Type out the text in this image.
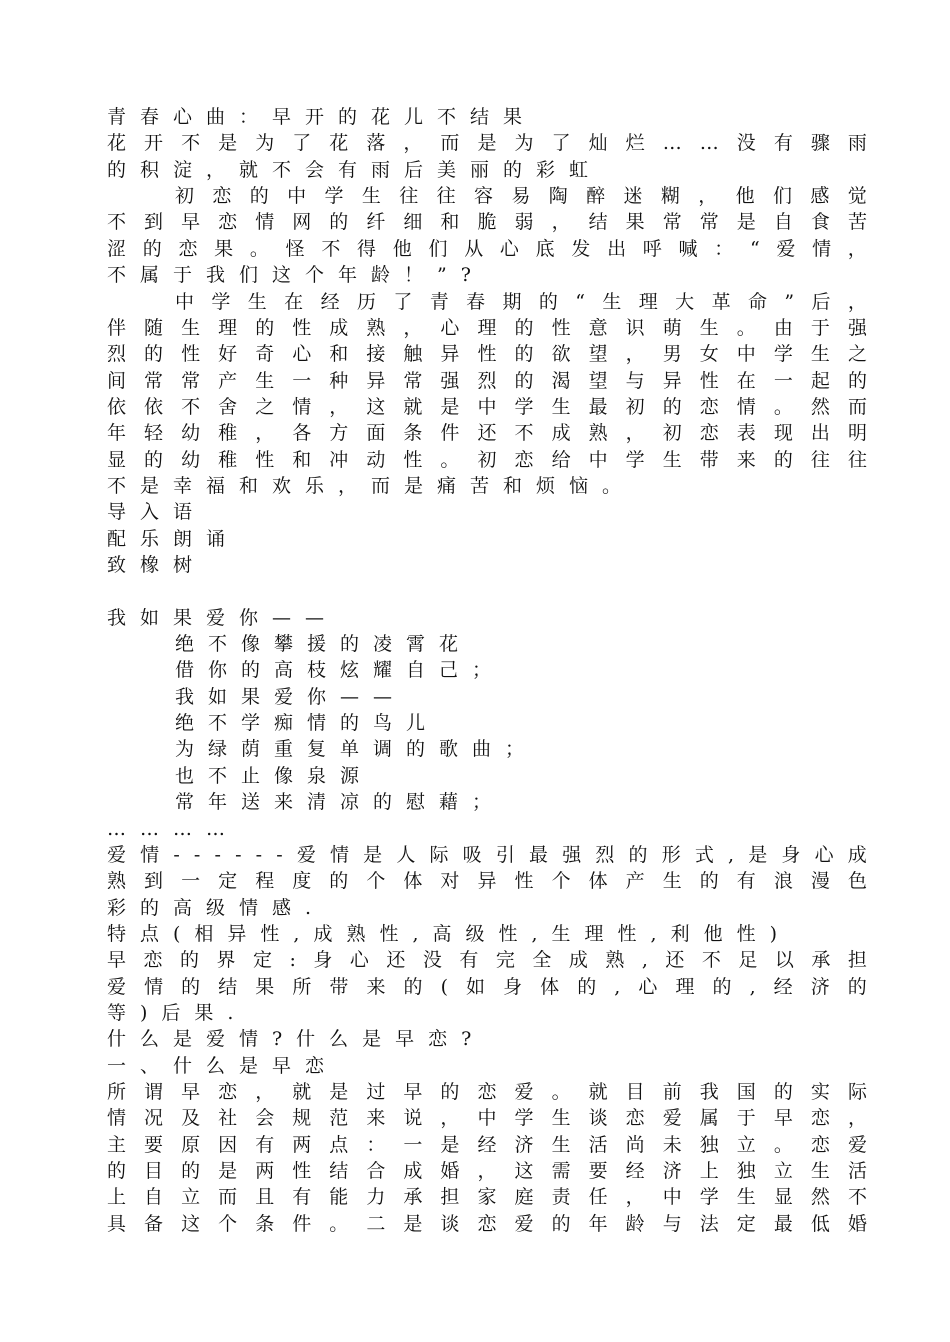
青春心曲：早开的花儿不结果
花 开 不 是 为 了 花 落 ， 而 是 为 了 灿 烂 … … 没 有 骤 雨
的积淀，就不会有雨后美丽的彩虹
初 恋 的 中 学 生 往 往 容 易 陶 醉 迷 糊 ， 他 们 感 觉
不 到 早 恋 情 网 的 纤 细 和 脆 弱 ， 结 果 常 常 是 自 食 苦
涩 的 恋 果 。 怪 不 得 他 们 从 心 底 发 出 呼 喊 ： “ 爱 情 ，
不属于我们这个年龄！”?
中 学 生 在 经 历 了 青 春 期 的 “ 生 理 大 革 命 ” 后 ，
伴 随 生 理 的 性 成 熟 ， 心 理 的 性 意 识 萌 生 。 由 于 强
烈 的 性 好 奇 心 和 接 触 异 性 的 欲 望 ， 男 女 中 学 生 之
间 常 常 产 生 一 种 异 常 强 烈 的 渴 望 与 异 性 在 一 起 的
依 依 不 舍 之 情 ， 这 就 是 中 学 生 最 初 的 恋 情 。 然 而
年 轻 幼 稚 ， 各 方 面 条 件 还 不 成 熟 ， 初 恋 表 现 出 明
显 的 幼 稚 性 和 冲 动 性 。 初 恋 给 中 学 生 带 来 的 往 往
不是幸福和欢乐，而是痛苦和烦恼。
导入语
配乐朗诵
致橡树
我如果爱你——
绝不像攀援的凌霄花
借你的高枝炫耀自己；
我如果爱你——
绝不学痴情的鸟儿
为绿荫重复单调的歌曲；
也不止像泉源
常年送来清凉的慰藉；
…………
爱 情 - - - - - - 爱 情 是 人 际 吸 引 最 强 烈 的 形 式 , 是 身 心 成
熟 到 一 定 程 度 的 个 体 对 异 性 个 体 产 生 的 有 浪 漫 色
彩的高级情感.
特点(相异性,成熟性,高级性,生理性,利他性)
早 恋 的 界 定 : 身 心 还 没 有 完 全 成 熟 , 还 不 足 以 承 担
爱 情 的 结 果 所 带 来 的 ( 如 身 体 的 , 心 理 的 , 经 济 的
等)后果.
什么是爱情?什么是早恋?
一、什么是早恋
所 谓 早 恋 ， 就 是 过 早 的 恋 爱 。 就 目 前 我 国 的 实 际
情 况 及 社 会 规 范 来 说 ， 中 学 生 谈 恋 爱 属 于 早 恋 ，
主 要 原 因 有 两 点 ： 一 是 经 济 生 活 尚 未 独 立 。 恋 爱
的 目 的 是 两 性 结 合 成 婚 ， 这 需 要 经 济 上 独 立 生 活
上 自 立 而 且 有 能 力 承 担 家 庭 责 任 ， 中 学 生 显 然 不
具 备 这 个 条 件 。 二 是 谈 恋 爱 的 年 龄 与 法 定 最 低 婚
